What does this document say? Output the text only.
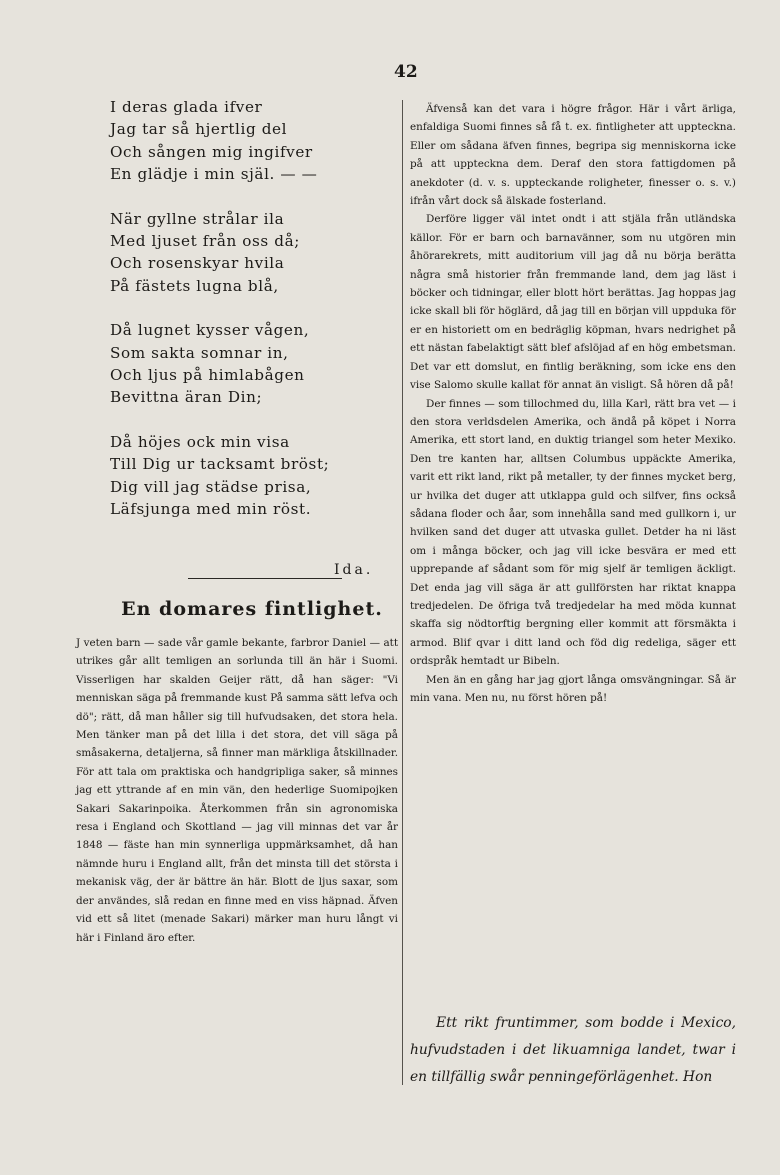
42
I deras glada ifver
Jag tar så hjertlig del
Och sången mig ingifver
En glädje i min själ. — —
När gyllne strålar ila
Med ljuset från oss då;
Och rosenskyar hvila
På fästets lugna blå,
Då lugnet kysser vågen,
Som sakta somnar in,
Och ljus på himlabågen
Bevittna äran Din;
Då höjes ock min visa
Till Dig ur tacksamt bröst;
Dig vill jag städse prisa,
Läfsjunga med min röst.
Ida.
En domares fintlighet.

J veten barn — sade vår gamle bekante, farbror Daniel — att utrikes går allt temligen an sorlunda till än här i Suomi. Visserligen har skalden Geijer rätt, då han säger: "Vi menniskan säga på fremmande kust På samma sätt lefva och dö"; rätt, då man håller sig till hufvudsaken, det stora hela. Men tänker man på det lilla i det stora, det vill säga på småsakerna, detaljerna, så finner man märkliga åtskillnader. För att tala om praktiska och handgripliga saker, så minnes jag ett yttrande af en min vän, den hederlige Suomipojken Sakari Sakarinpoika. Återkommen från sin agronomiska resa i England och Skottland — jag vill minnas det var år 1848 — fäste han min synnerliga uppmärksamhet, då han nämnde huru i England allt, från det minsta till det största i mekanisk väg, der är bättre än här. Blott de ljus saxar, som der användes, slå redan en finne med en viss häpnad. Äfven vid ett så litet (menade Sakari) märker man huru långt vi här i Finland äro efter.

Äfvenså kan det vara i högre frågor. Här i vårt ärliga, enfaldiga Suomi finnes så få t. ex. fintligheter att uppteckna. Eller om sådana äfven finnes, begripa sig menniskorna icke på att uppteckna dem. Deraf den stora fattigdomen på anekdoter (d. v. s. uppteckande roligheter, finesser o. s. v.) ifrån vårt dock så älskade fosterland.

Derföre ligger väl intet ondt i att stjäla från utländska källor. För er barn och barnavänner, som nu utgören min åhörarekrets, mitt auditorium vill jag då nu börja berätta några små historier från fremmande land, dem jag läst i böcker och tidningar, eller blott hört berättas. Jag hoppas jag icke skall bli för höglärd, då jag till en början vill uppduka för er en historiett om en bedräglig köpman, hvars nedrighet på ett nästan fabelaktigt sätt blef afslöjad af en hög embetsman. Det var ett domslut, en fintlig beräkning, som icke ens den vise Salomo skulle kallat för annat än visligt. Så hören då på!

Der finnes — som tillochmed du, lilla Karl, rätt bra vet — i den stora verldsdelen Amerika, och ändå på köpet i Norra Amerika, ett stort land, en duktig triangel som heter Mexiko. Den tre kanten har, alltsen Columbus uppäckte Amerika, varit ett rikt land, rikt på metaller, ty der finnes mycket berg, ur hvilka det duger att utklappa guld och silfver, fins också sådana floder och åar, som innehålla sand med gullkorn i, ur hvilken sand det duger att utvaska gullet. Detder ha ni läst om i många böcker, och jag vill icke besvära er med ett upprepande af sådant som för mig sjelf är temligen äckligt. Det enda jag vill säga är att gullförsten har riktat knappa tredjedelen. De öfriga två tredjedelar ha med möda kunnat skaffa sig nödtorftig bergning eller kommit att försmäkta i armod. Blif qvar i ditt land och föd dig redeligа, säger ett ordspråk hemtadt ur Bibeln.

Men än en gång har jag gjort långa omsvängningar. Så är min vana. Men nu, nu först hören på!

Ett rikt fruntimmer, som bodde i Mexico, hufvudstaden i det likuamniga landet, twar i en tillfällig swår penningeförlägenhet. Hon
